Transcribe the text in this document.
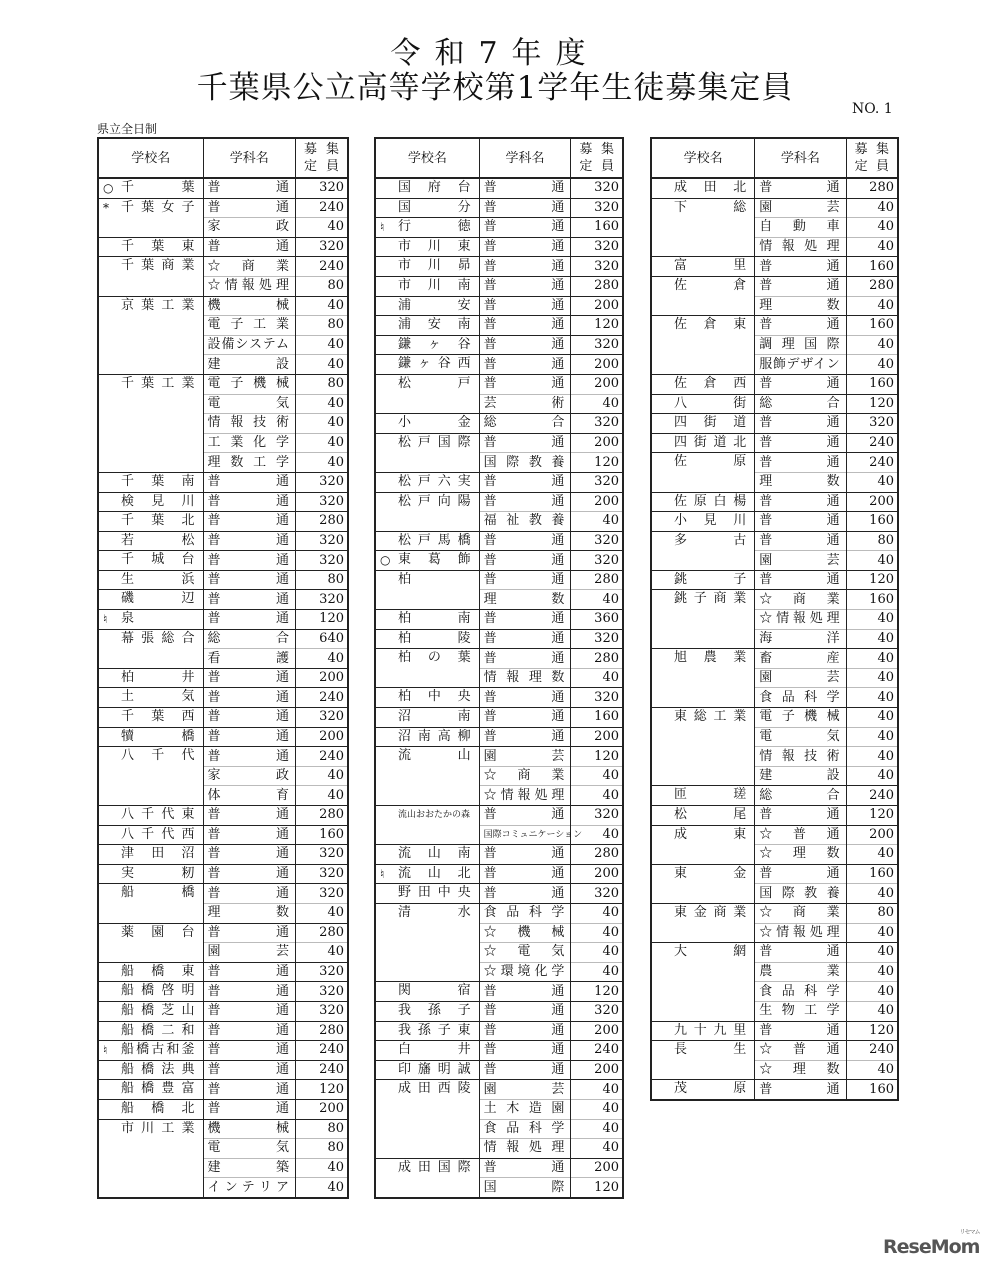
令和7年度
千葉県公立高等学校第1学年生徒募集定員
NO. 1
県立全日制
学校名	学科名	募 集
定 員

○ 千葉	普通	320

* 千葉女子	普通	240

	家政	40

千葉東	普通	320

千葉商業	☆商業	240

	☆情報処理	80

京葉工業	機械	40

	電子工業	80

	設備システム	40

	建設	40

千葉工業	電子機械	80

	電気	40

	情報技術	40

	工業化学	40

	理数工学	40

千葉南	普通	320

検見川	普通	320

千葉北	普通	280

若松	普通	320

千城台	普通	320

生浜	普通	80

磯辺	普通	320

♮ 泉	普通	120

幕張総合	総合	640

	看護	40

柏井	普通	200

土気	普通	240

千葉西	普通	320

犢橋	普通	200

八千代	普通	240

	家政	40

	体育	40

八千代東	普通	280

八千代西	普通	160

津田沼	普通	320

実籾	普通	320

船橋	普通	320

	理数	40

薬園台	普通	280

	園芸	40

船橋東	普通	320

船橋啓明	普通	320

船橋芝山	普通	320

船橋二和	普通	280

♮ 船橋古和釜	普通	240

船橋法典	普通	240

船橋豊富	普通	120

船橋北	普通	200

市川工業	機械	80

	電気	80

	建築	40

	インテリア	40
学校名	学科名	募 集
定 員

国府台	普通	320

国分	普通	320

♮ 行徳	普通	160

市川東	普通	320

市川昴	普通	320

市川南	普通	280

浦安	普通	200

浦安南	普通	120

鎌ヶ谷	普通	320

鎌ヶ谷西	普通	200

松戸	普通	200

	芸術	40

小金	総合	320

松戸国際	普通	200

	国際教養	120

松戸六実	普通	320

松戸向陽	普通	200

	福祉教養	40

松戸馬橋	普通	320

○ 東葛飾	普通	320

柏	普通	280

	理数	40

柏南	普通	360

柏陵	普通	320

柏の葉	普通	280

	情報理数	40

柏中央	普通	320

沼南	普通	160

沼南高柳	普通	200

流山	園芸	120

	☆商業	40

	☆情報処理	40

流山おおたかの森	普通	320

	国際コミュニケーション	40

流山南	普通	280

♮ 流山北	普通	200

野田中央	普通	320

清水	食品科学	40

	☆機械	40

	☆電気	40

	☆環境化学	40

関宿	普通	120

我孫子	普通	320

我孫子東	普通	200

白井	普通	240

印旛明誠	普通	200

成田西陵	園芸	40

	土木造園	40

	食品科学	40

	情報処理	40

成田国際	普通	200

	国際	120
学校名	学科名	募 集
定 員

成田北	普通	280

下総	園芸	40

	自動車	40

	情報処理	40

富里	普通	160

佐倉	普通	280

	理数	40

佐倉東	普通	160

	調理国際	40

	服飾デザイン	40

佐倉西	普通	160

八街	総合	120

四街道	普通	320

四街道北	普通	240

佐原	普通	240

	理数	40

佐原白楊	普通	200

小見川	普通	160

多古	普通	80

	園芸	40

銚子	普通	120

銚子商業	☆商業	160

	☆情報処理	40

	海洋	40

旭農業	畜産	40

	園芸	40

	食品科学	40

東総工業	電子機械	40

	電気	40

	情報技術	40

	建設	40

匝瑳	総合	240

松尾	普通	120

成東	☆普通	200

	☆理数	40

東金	普通	160

	国際教養	40

東金商業	☆商業	80

	☆情報処理	40

大網	普通	40

	農業	40

	食品科学	40

	生物工学	40

九十九里	普通	120

長生	☆普通	240

	☆理数	40

茂原	普通	160
ReseMom
リセマム
